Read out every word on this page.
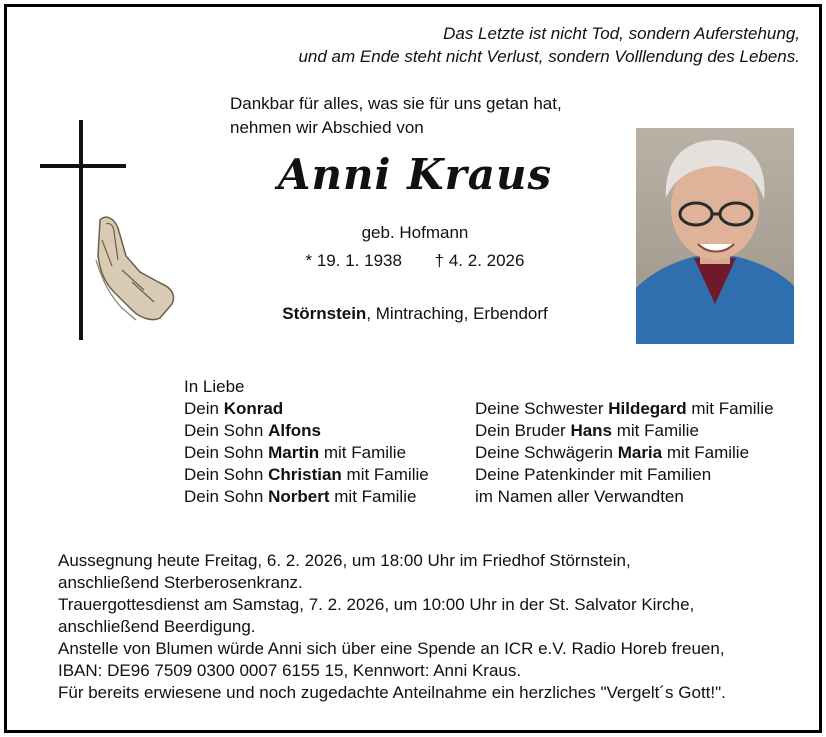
Das Letzte ist nicht Tod, sondern Auferstehung,
und am Ende steht nicht Verlust, sondern Volllendung des Lebens.
Dankbar für alles, was sie für uns getan hat,
nehmen wir Abschied von
Anni Kraus
geb. Hofmann
* 19. 1. 1938 † 4. 2. 2026
Störnstein, Mintraching, Erbendorf
In Liebe
Dein Konrad
Dein Sohn Alfons
Dein Sohn Martin mit Familie
Dein Sohn Christian mit Familie
Dein Sohn Norbert mit Familie
Deine Schwester Hildegard mit Familie
Dein Bruder Hans mit Familie
Deine Schwägerin Maria mit Familie
Deine Patenkinder mit Familien
im Namen aller Verwandten
Aussegnung heute Freitag, 6. 2. 2026, um 18:00 Uhr im Friedhof Störnstein,
anschließend Sterberosenkranz.
Trauergottesdienst am Samstag, 7. 2. 2026, um 10:00 Uhr in der St. Salvator Kirche,
anschließend Beerdigung.
Anstelle von Blumen würde Anni sich über eine Spende an ICR e.V. Radio Horeb freuen,
IBAN: DE96 7509 0300 0007 6155 15, Kennwort: Anni Kraus.
Für bereits erwiesene und noch zugedachte Anteilnahme ein herzliches "Vergelt´s Gott!".
